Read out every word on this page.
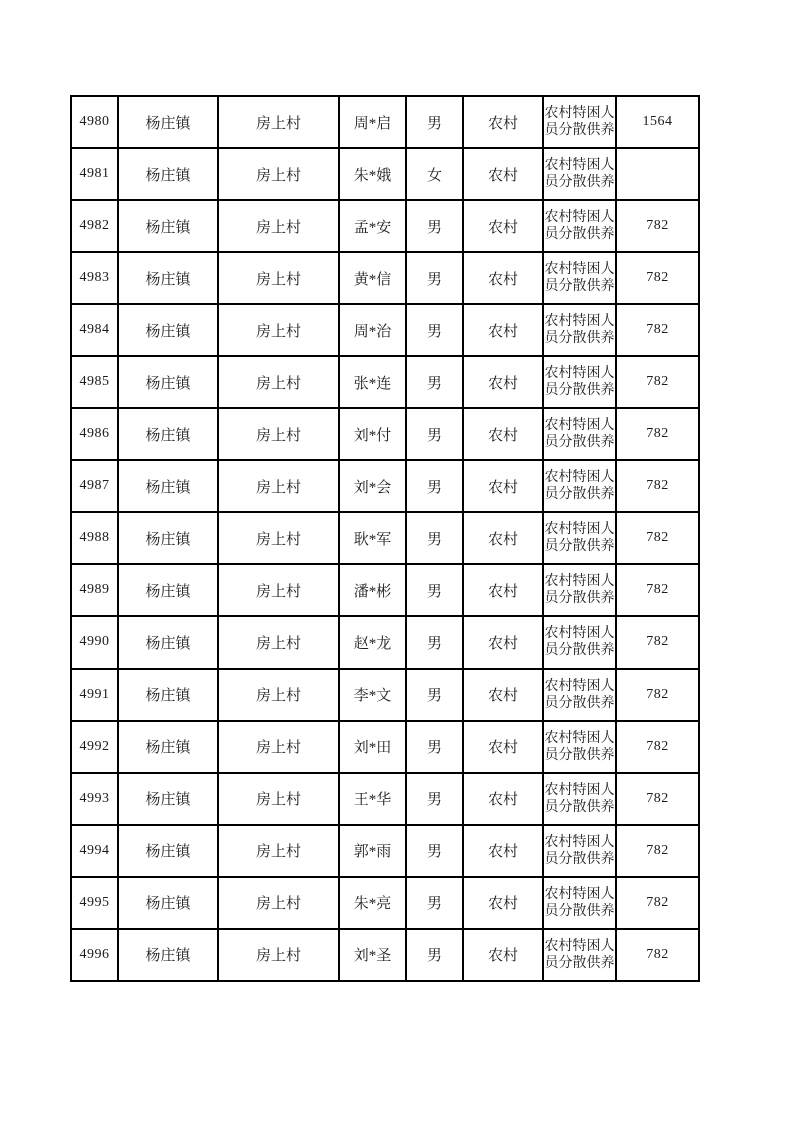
4980	杨庄镇	房上村	周*启	男	农村	农村特困人员分散供养	1564
4981	杨庄镇	房上村	朱*娥	女	农村	农村特困人员分散供养	
4982	杨庄镇	房上村	孟*安	男	农村	农村特困人员分散供养	782
4983	杨庄镇	房上村	黄*信	男	农村	农村特困人员分散供养	782
4984	杨庄镇	房上村	周*治	男	农村	农村特困人员分散供养	782
4985	杨庄镇	房上村	张*连	男	农村	农村特困人员分散供养	782
4986	杨庄镇	房上村	刘*付	男	农村	农村特困人员分散供养	782
4987	杨庄镇	房上村	刘*会	男	农村	农村特困人员分散供养	782
4988	杨庄镇	房上村	耿*军	男	农村	农村特困人员分散供养	782
4989	杨庄镇	房上村	潘*彬	男	农村	农村特困人员分散供养	782
4990	杨庄镇	房上村	赵*龙	男	农村	农村特困人员分散供养	782
4991	杨庄镇	房上村	李*文	男	农村	农村特困人员分散供养	782
4992	杨庄镇	房上村	刘*田	男	农村	农村特困人员分散供养	782
4993	杨庄镇	房上村	王*华	男	农村	农村特困人员分散供养	782
4994	杨庄镇	房上村	郭*雨	男	农村	农村特困人员分散供养	782
4995	杨庄镇	房上村	朱*亮	男	农村	农村特困人员分散供养	782
4996	杨庄镇	房上村	刘*圣	男	农村	农村特困人员分散供养	782
